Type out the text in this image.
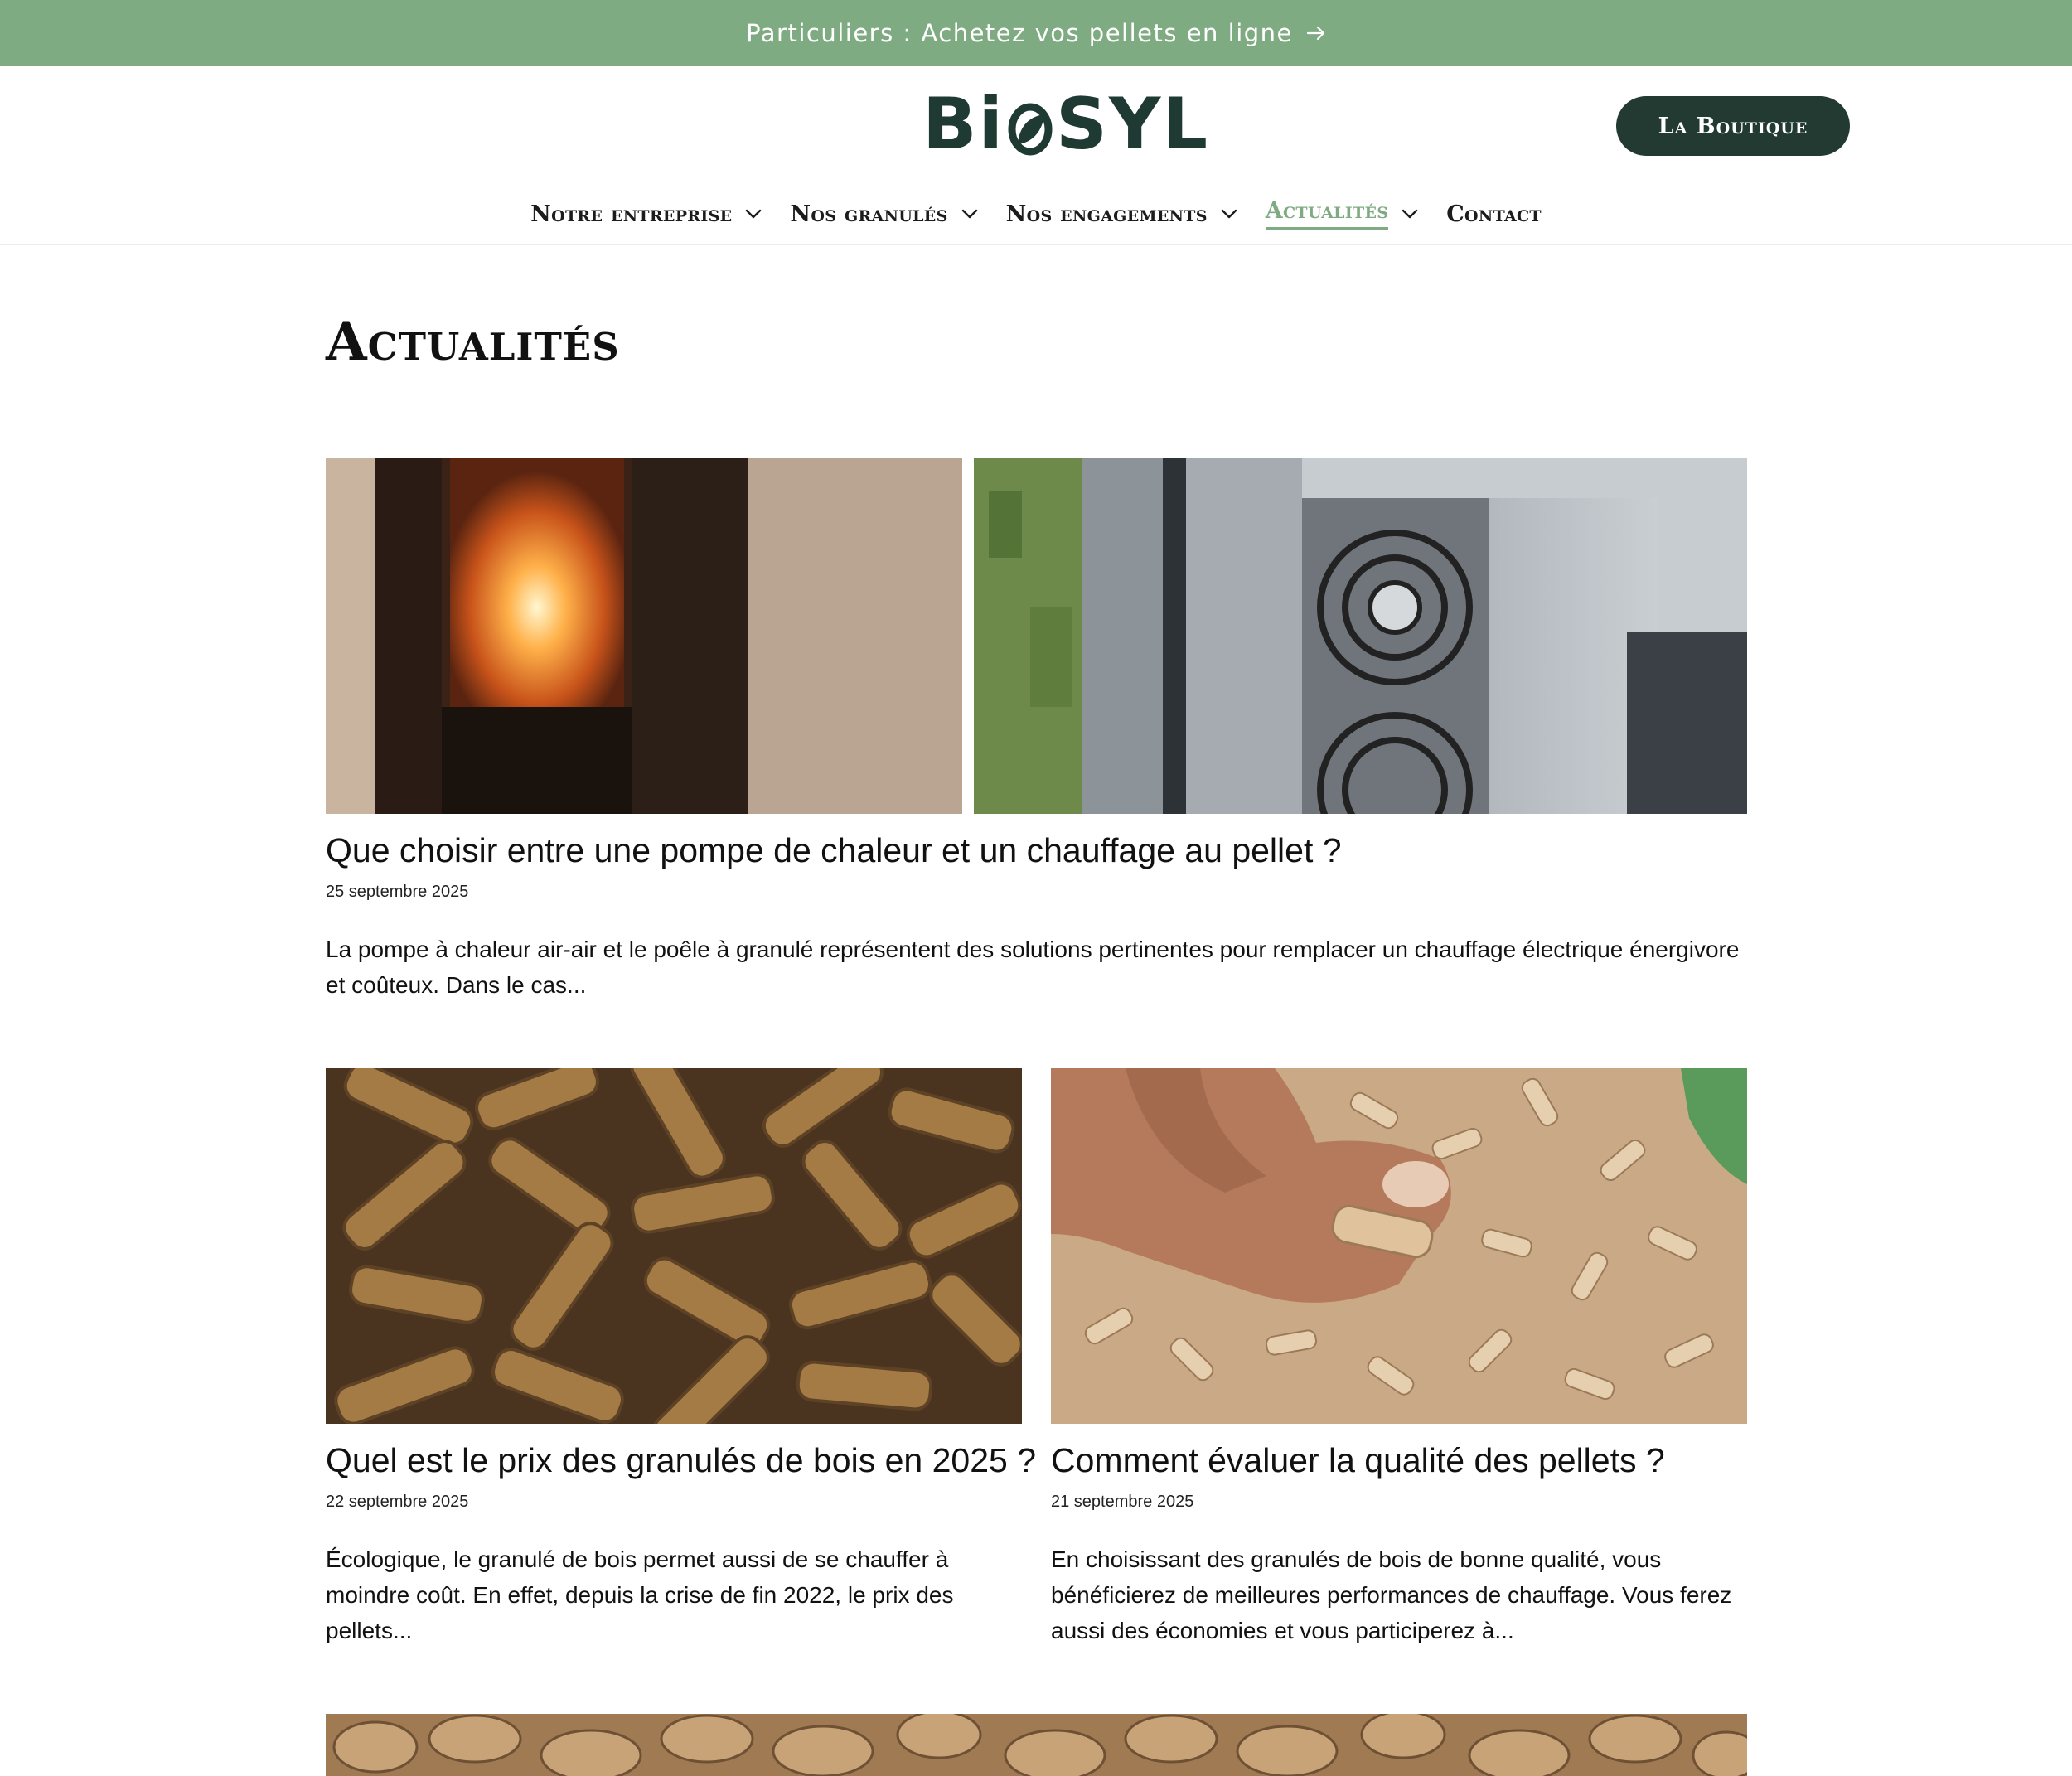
Particuliers : Achetez vos pellets en ligne
Bi SYL	La Boutique
Notre entreprise	Nos granulés	Nos engagements	Actualités	Contact
Actualités
Que choisir entre une pompe de chaleur et un chauffage au pellet ?
25 septembre 2025
La pompe à chaleur air-air et le poêle à granulé représentent des solutions pertinentes pour remplacer un chauffage électrique énergivore et coûteux. Dans le cas...
Quel est le prix des granulés de bois en 2025 ?
22 septembre 2025
Écologique, le granulé de bois permet aussi de se chauffer à moindre coût. En effet, depuis la crise de fin 2022, le prix des pellets...
Comment évaluer la qualité des pellets ?
21 septembre 2025
En choisissant des granulés de bois de bonne qualité, vous bénéficierez de meilleures performances de chauffage. Vous ferez aussi des économies et vous participerez à...
